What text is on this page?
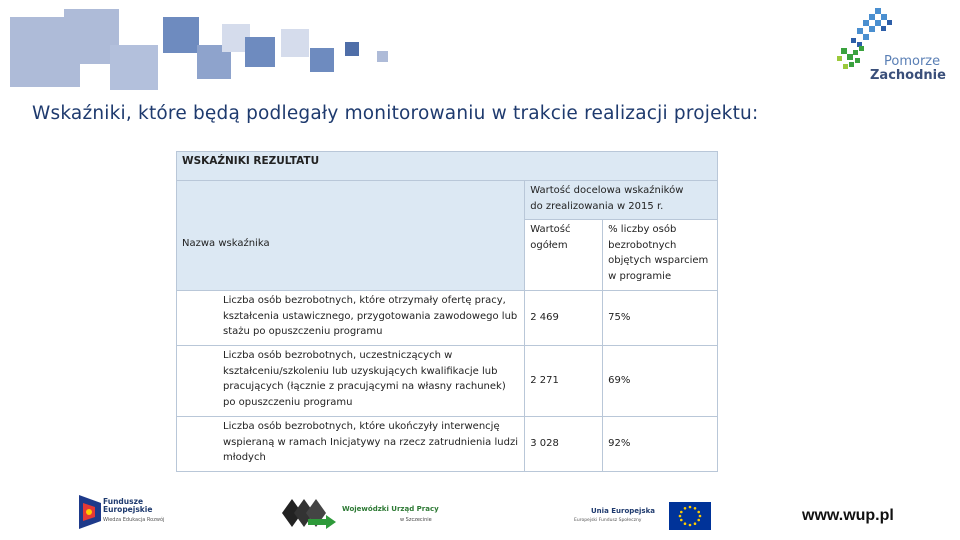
Pomorze
Zachodnie
Wskaźniki, które będą podlegały monitorowaniu w trakcie realizacji projektu:
WSKAŹNIKI REZULTATU		
Nazwa wskaźnika	Wartość docelowa wskaźników do zrealizowania w 2015 r.	
	Wartość ogółem	% liczby osób bezrobotnych objętych wsparciem w programie
Liczba osób bezrobotnych, które otrzymały ofertę pracy, kształcenia ustawicznego, przygotowania zawodowego lub stażu po opuszczeniu programu	2 469	75%
Liczba osób bezrobotnych, uczestniczących w kształceniu/szkoleniu lub uzyskujących kwalifikacje lub pracujących (łącznie z pracującymi na własny rachunek) po opuszczeniu programu	2 271	69%
Liczba osób bezrobotnych, które ukończyły interwencję wspieraną w ramach Inicjatywy na rzecz zatrudnienia ludzi młodych	3 028	92%
Fundusze
Europejskie
Wiedza Edukacja Rozwój
Wojewódzki Urząd Pracy
w Szczecinie
Unia Europejska
Europejski Fundusz Społeczny	www.wup.pl
